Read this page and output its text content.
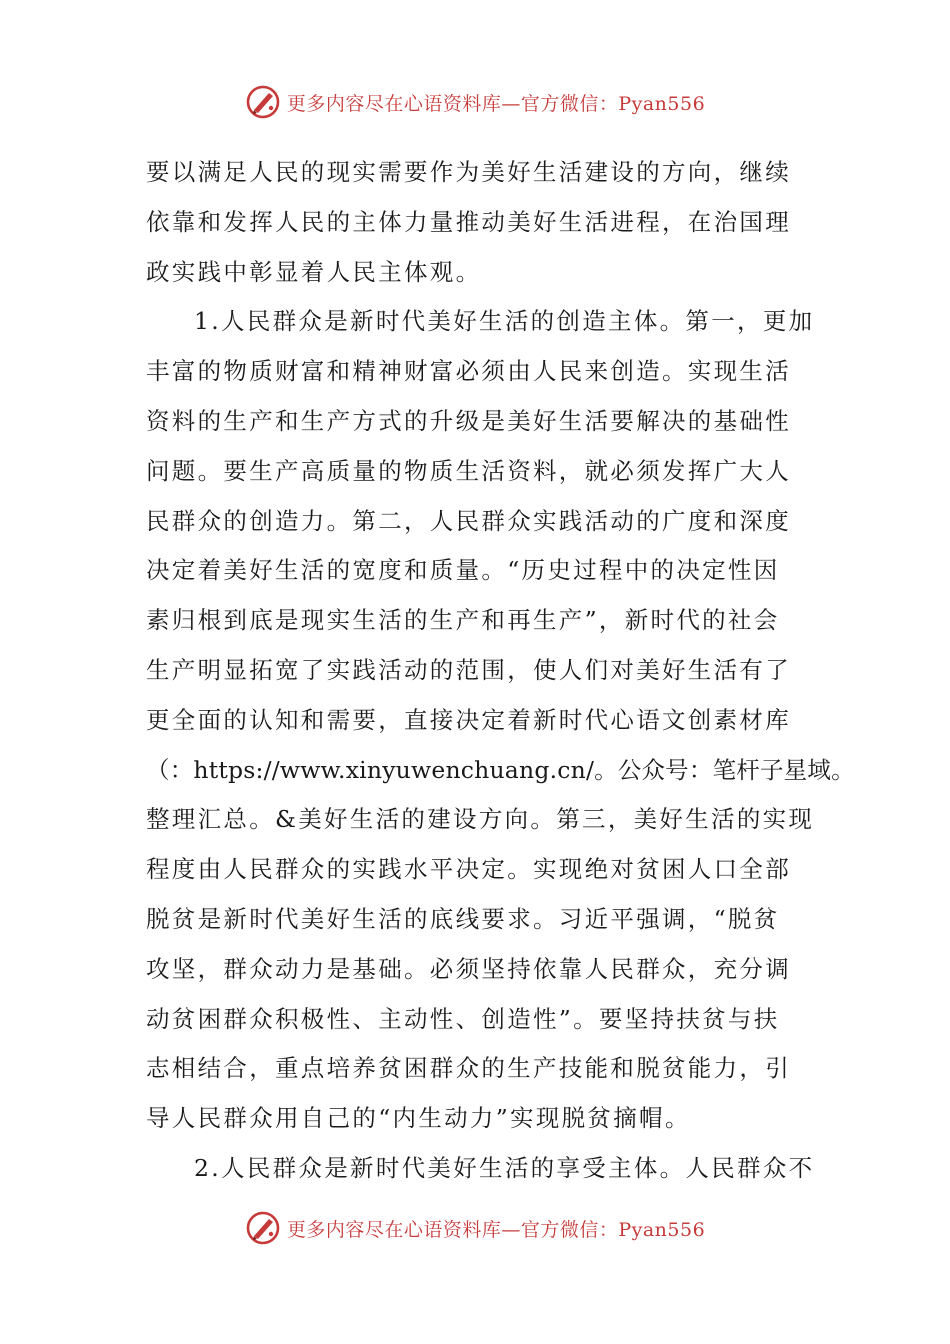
更多内容尽在心语资料库—官方微信：Pyan556
要以满足人民的现实需要作为美好生活建设的方向，继续
依靠和发挥人民的主体力量推动美好生活进程，在治国理
政实践中彰显着人民主体观。
1.人民群众是新时代美好生活的创造主体。第一，更加
丰富的物质财富和精神财富必须由人民来创造。实现生活
资料的生产和生产方式的升级是美好生活要解决的基础性
问题。要生产高质量的物质生活资料，就必须发挥广大人
民群众的创造力。第二，人民群众实践活动的广度和深度
决定着美好生活的宽度和质量。“历史过程中的决定性因
素归根到底是现实生活的生产和再生产”，新时代的社会
生产明显拓宽了实践活动的范围，使人们对美好生活有了
更全面的认知和需要，直接决定着新时代心语文创素材库
（：https://www.xinyuwenchuang.cn/。公众号：笔杆子星域。
整理汇总。&美好生活的建设方向。第三，美好生活的实现
程度由人民群众的实践水平决定。实现绝对贫困人口全部
脱贫是新时代美好生活的底线要求。习近平强调，“脱贫
攻坚，群众动力是基础。必须坚持依靠人民群众，充分调
动贫困群众积极性、主动性、创造性”。要坚持扶贫与扶
志相结合，重点培养贫困群众的生产技能和脱贫能力，引
导人民群众用自己的“内生动力”实现脱贫摘帽。
2.人民群众是新时代美好生活的享受主体。人民群众不
更多内容尽在心语资料库—官方微信：Pyan556
